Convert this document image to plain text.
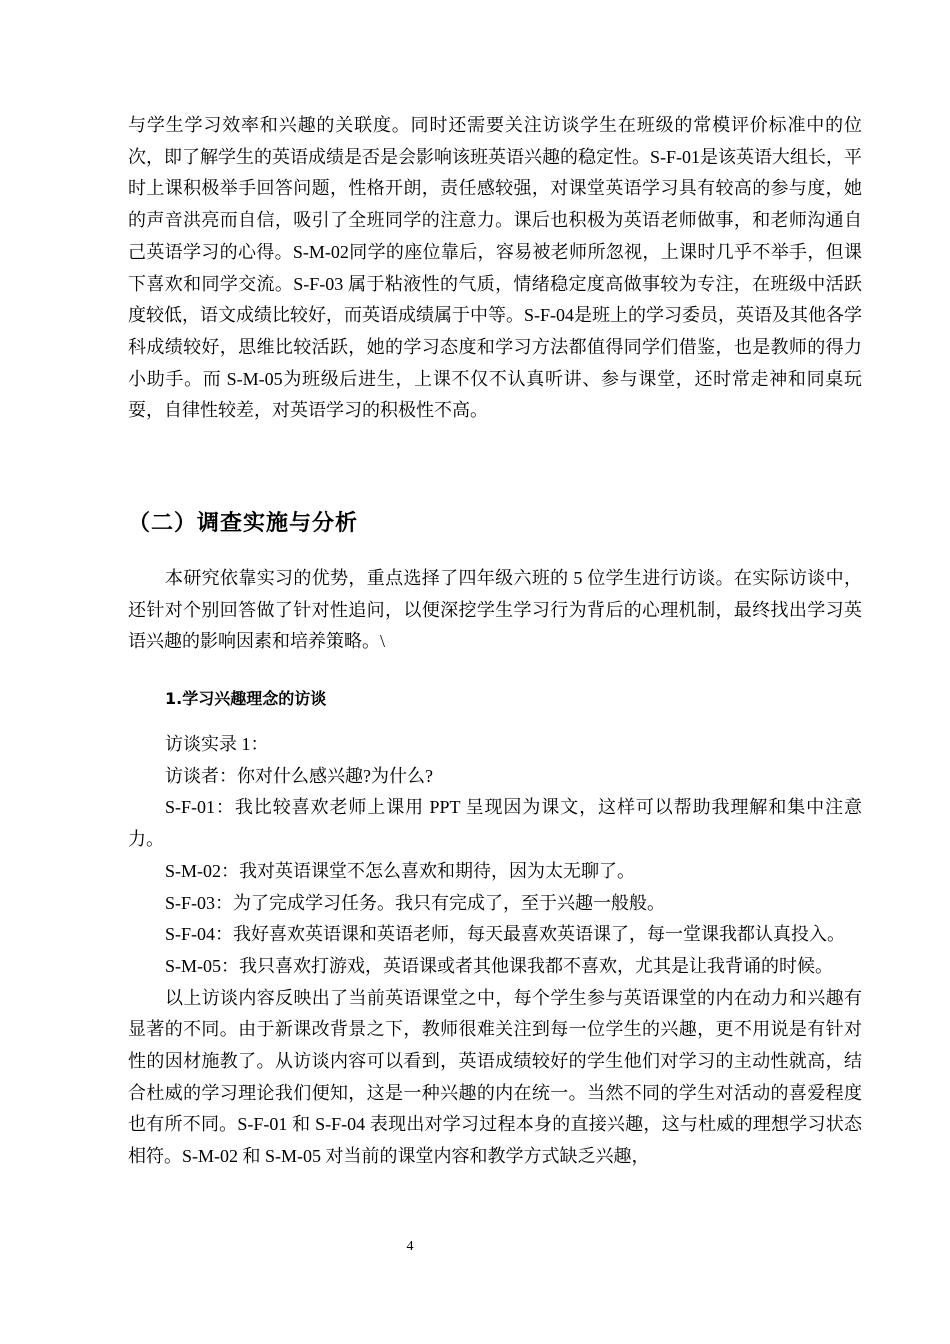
与学生学习效率和兴趣的关联度。同时还需要关注访谈学生在班级的常模评价标准中的位次，即了解学生的英语成绩是否是会影响该班英语兴趣的稳定性。S-F-01是该英语大组长，平时上课积极举手回答问题，性格开朗，责任感较强，对课堂英语学习具有较高的参与度，她的声音洪亮而自信，吸引了全班同学的注意力。课后也积极为英语老师做事，和老师沟通自己英语学习的心得。S-M-02同学的座位靠后，容易被老师所忽视，上课时几乎不举手，但课下喜欢和同学交流。S-F-03 属于粘液性的气质，情绪稳定度高做事较为专注，在班级中活跃度较低，语文成绩比较好，而英语成绩属于中等。S-F-04是班上的学习委员，英语及其他各学科成绩较好，思维比较活跃，她的学习态度和学习方法都值得同学们借鉴，也是教师的得力小助手。而 S-M-05为班级后进生，上课不仅不认真听讲、参与课堂，还时常走神和同桌玩耍，自律性较差，对英语学习的积极性不高。

（二）调查实施与分析

本研究依靠实习的优势，重点选择了四年级六班的 5 位学生进行访谈。在实际访谈中，还针对个别回答做了针对性追问，以便深挖学生学习行为背后的心理机制，最终找出学习英语兴趣的影响因素和培养策略。\

1.学习兴趣理念的访谈

访谈实录 1：

访谈者：你对什么感兴趣?为什么?

S-F-01：我比较喜欢老师上课用 PPT 呈现因为课文，这样可以帮助我理解和集中注意力。

S-M-02：我对英语课堂不怎么喜欢和期待，因为太无聊了。

S-F-03：为了完成学习任务。我只有完成了，至于兴趣一般般。

S-F-04：我好喜欢英语课和英语老师，每天最喜欢英语课了，每一堂课我都认真投入。

S-M-05：我只喜欢打游戏，英语课或者其他课我都不喜欢，尤其是让我背诵的时候。

以上访谈内容反映出了当前英语课堂之中，每个学生参与英语课堂的内在动力和兴趣有显著的不同。由于新课改背景之下，教师很难关注到每一位学生的兴趣，更不用说是有针对性的因材施教了。从访谈内容可以看到，英语成绩较好的学生他们对学习的主动性就高，结合杜威的学习理论我们便知，这是一种兴趣的内在统一。当然不同的学生对活动的喜爱程度也有所不同。S-F-01 和 S-F-04 表现出对学习过程本身的直接兴趣，这与杜威的理想学习状态相符。S-M-02 和 S-M-05 对当前的课堂内容和教学方式缺乏兴趣，

4
